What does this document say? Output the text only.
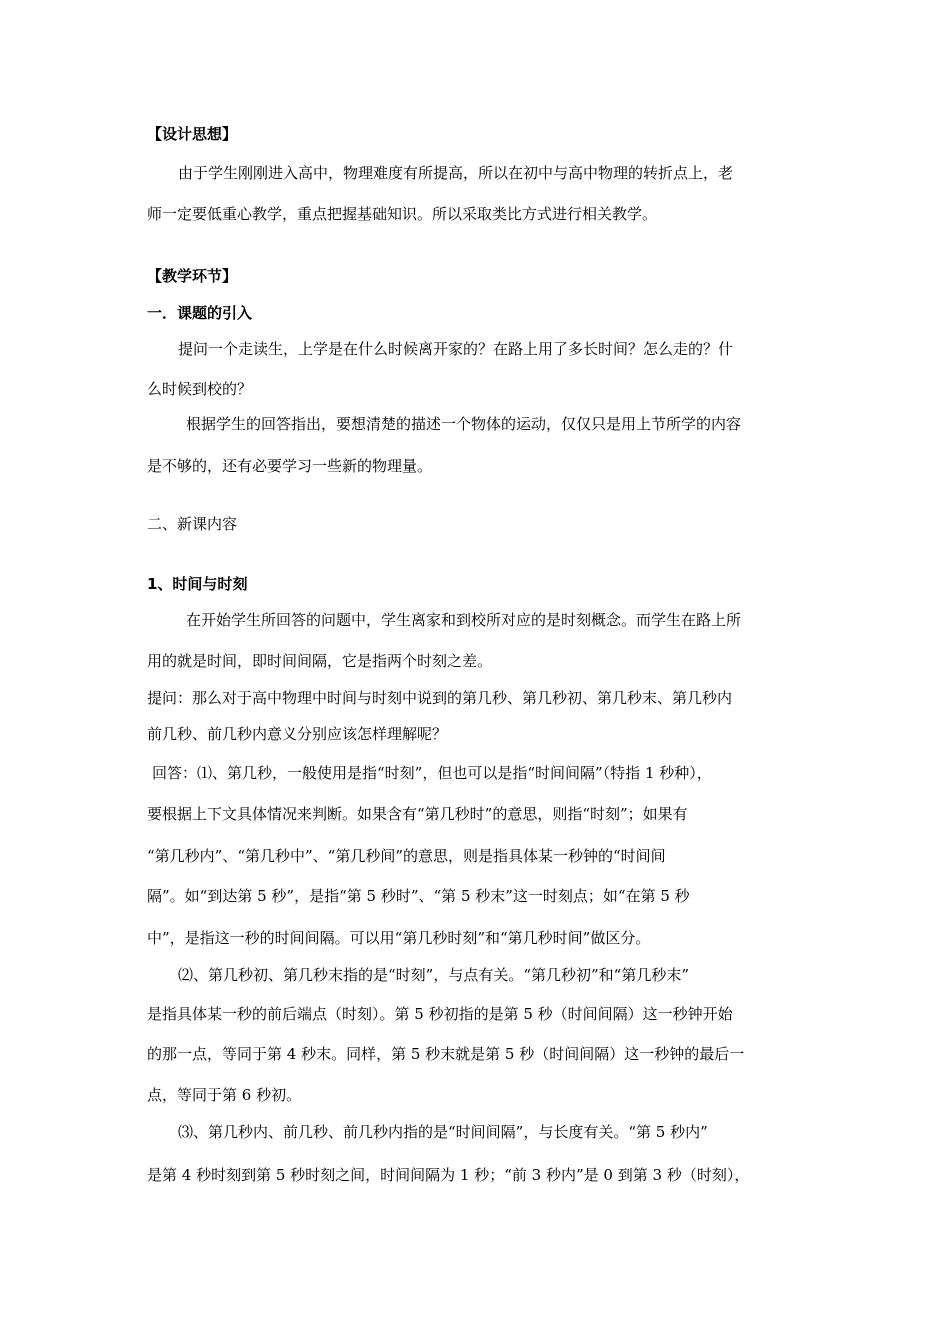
【设计思想】
由于学生刚刚进入高中，物理难度有所提高，所以在初中与高中物理的转折点上，老
师一定要低重心教学，重点把握基础知识。所以采取类比方式进行相关教学。
【教学环节】
一．课题的引入
提问一个走读生，上学是在什么时候离开家的？在路上用了多长时间？怎么走的？什
么时候到校的？
根据学生的回答指出，要想清楚的描述一个物体的运动，仅仅只是用上节所学的内容
是不够的，还有必要学习一些新的物理量。
二、新课内容
1、时间与时刻
在开始学生所回答的问题中，学生离家和到校所对应的是时刻概念。而学生在路上所
用的就是时间，即时间间隔，它是指两个时刻之差。
提问：那么对于高中物理中时间与时刻中说到的第几秒、第几秒初、第几秒末、第几秒内
前几秒、前几秒内意义分别应该怎样理解呢？
回答：⑴、第几秒，一般使用是指“时刻”，但也可以是指“时间间隔”（特指 1 秒种），
要根据上下文具体情况来判断。如果含有“第几秒时”的意思，则指“时刻”；如果有
“第几秒内”、“第几秒中”、“第几秒间”的意思，则是指具体某一秒钟的“时间间
隔”。如“到达第 5 秒”，是指“第 5 秒时”、“第 5 秒末”这一时刻点；如“在第 5 秒
中”，是指这一秒的时间间隔。可以用“第几秒时刻”和“第几秒时间”做区分。
⑵、第几秒初、第几秒末指的是“时刻”，与点有关。“第几秒初”和“第几秒末”
是指具体某一秒的前后端点（时刻）。第 5 秒初指的是第 5 秒（时间间隔）这一秒钟开始
的那一点，等同于第 4 秒末。同样，第 5 秒末就是第 5 秒（时间间隔）这一秒钟的最后一
点，等同于第 6 秒初。
⑶、第几秒内、前几秒、前几秒内指的是“时间间隔”，与长度有关。“第 5 秒内”
是第 4 秒时刻到第 5 秒时刻之间，时间间隔为 1 秒；“前 3 秒内”是 0 到第 3 秒（时刻），
